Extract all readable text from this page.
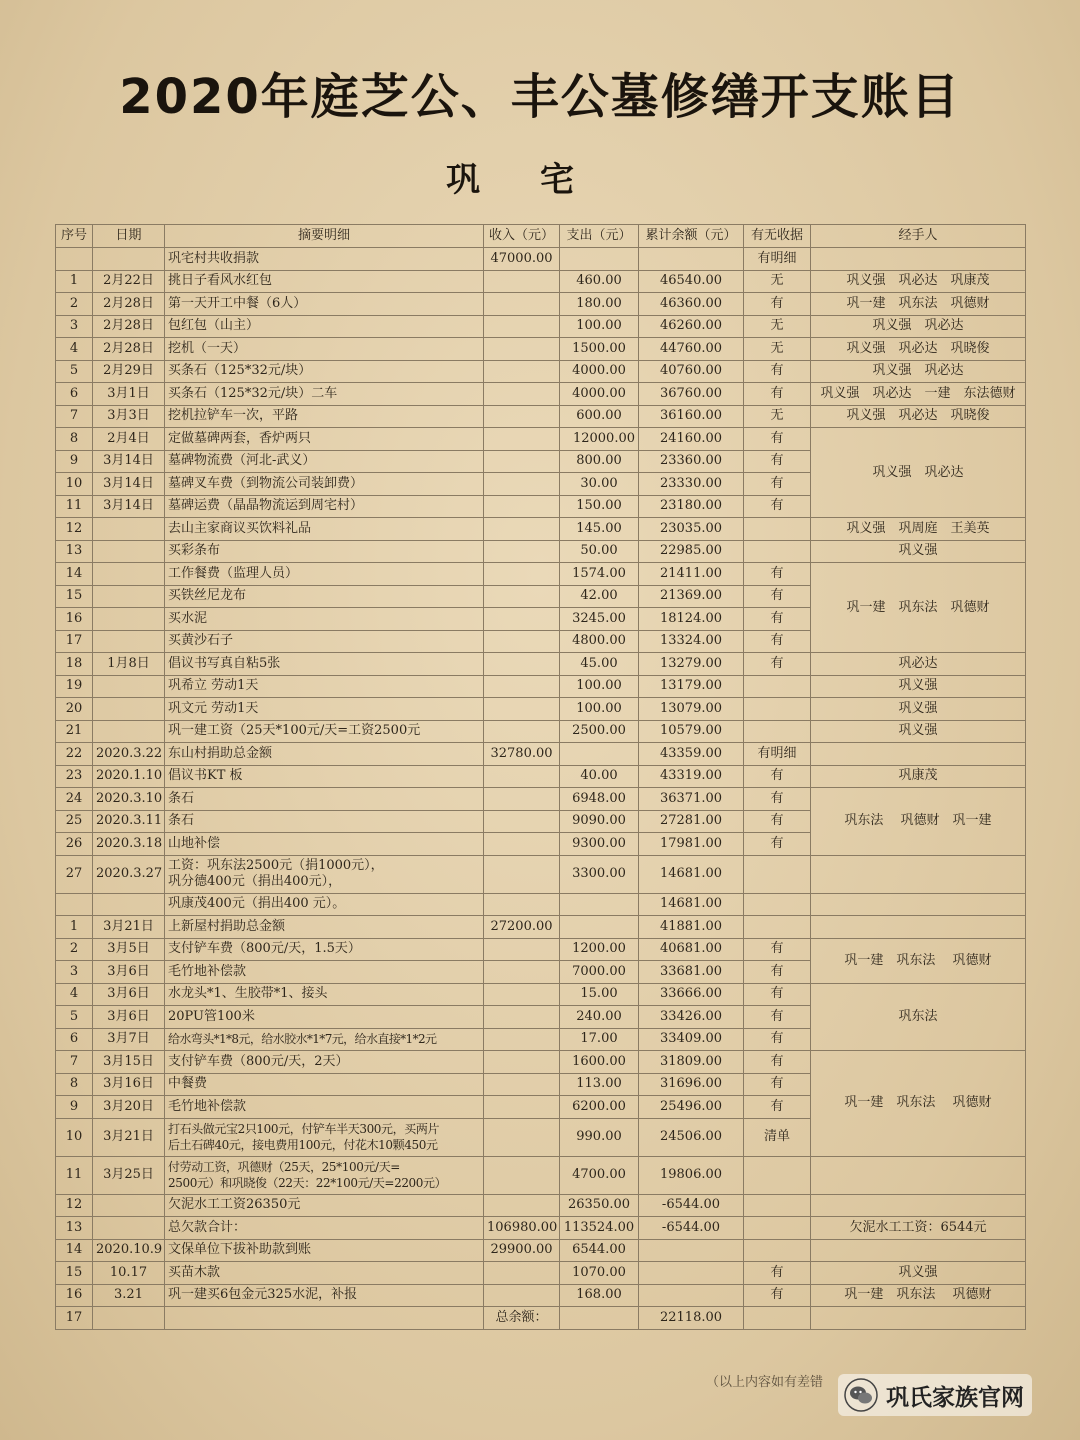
2020年庭芝公、丰公墓修缮开支账目
巩宅
序号	日期	摘要明细	收入（元）	支出（元）	累计余额（元）	有无收据	经手人
		巩宅村共收捐款	47000.00			有明细	
1	2月22日	挑日子看风水红包		460.00	46540.00	无	巩义强　巩必达　巩康茂
2	2月28日	第一天开工中餐（6人）		180.00	46360.00	有	巩一建　巩东法　巩德财
3	2月28日	包红包（山主）		100.00	46260.00	无	巩义强　巩必达
4	2月28日	挖机（一天）		1500.00	44760.00	无	巩义强　巩必达　巩晓俊
5	2月29日	买条石（125*32元/块）		4000.00	40760.00	有	巩义强　巩必达
6	3月1日	买条石（125*32元/块）二车		4000.00	36760.00	有	巩义强　巩必达　一建　东法德财
7	3月3日	挖机拉铲车一次，平路		600.00	36160.00	无	巩义强　巩必达　巩晓俊
8	2月4日	定做墓碑两套，香炉两只		12000.00	24160.00	有	巩义强　巩必达
9	3月14日	墓碑物流费（河北-武义）		800.00	23360.00	有	
10	3月14日	墓碑叉车费（到物流公司装卸费）		30.00	23330.00	有	
11	3月14日	墓碑运费（晶晶物流运到周宅村）		150.00	23180.00	有	
12		去山主家商议买饮料礼品		145.00	23035.00		巩义强　巩周庭　王美英
13		买彩条布		50.00	22985.00		巩义强
14		工作餐费（监理人员）		1574.00	21411.00	有	巩一建　巩东法　巩德财
15		买铁丝尼龙布		42.00	21369.00	有	
16		买水泥		3245.00	18124.00	有	
17		买黄沙石子		4800.00	13324.00	有	
18	1月8日	倡议书写真自粘5张		45.00	13279.00	有	巩必达
19		巩希立 劳动1天		100.00	13179.00		巩义强
20		巩文元 劳动1天		100.00	13079.00		巩义强
21		巩一建工资（25天*100元/天=工资2500元		2500.00	10579.00		巩义强
22	2020.3.22	东山村捐助总金额	32780.00		43359.00	有明细	
23	2020.1.10	倡议书KT 板		40.00	43319.00	有	巩康茂
24	2020.3.10	条石		6948.00	36371.00	有	巩东法　 巩德财　巩一建
25	2020.3.11	条石		9090.00	27281.00	有	
26	2020.3.18	山地补偿		9300.00	17981.00	有	
27	2020.3.27	工资：巩东法2500元（捐1000元），
巩分德400元（捐出400元），		3300.00	14681.00		
		巩康茂400元（捐出400 元）。			14681.00		
1	3月21日	上新屋村捐助总金额	27200.00		41881.00		
2	3月5日	支付铲车费（800元/天，1.5天）		1200.00	40681.00	有	巩一建　巩东法　 巩德财
3	3月6日	毛竹地补偿款		7000.00	33681.00	有	
4	3月6日	水龙头*1、生胶带*1、接头		15.00	33666.00	有	巩东法
5	3月6日	20PU管100米		240.00	33426.00	有	
6	3月7日	给水弯头*1*8元，给水胶水*1*7元，给水直接*1*2元		17.00	33409.00	有	
7	3月15日	支付铲车费（800元/天，2天）		1600.00	31809.00	有	巩一建　巩东法　 巩德财
8	3月16日	中餐费		113.00	31696.00	有	
9	3月20日	毛竹地补偿款		6200.00	25496.00	有	
10	3月21日	打石头做元宝2只100元，付铲车半天300元，买两片
后土石碑40元，接电费用100元，付花木10颗450元		990.00	24506.00	清单	
11	3月25日	付劳动工资，巩德财（25天，25*100元/天=
2500元）和巩晓俊（22天：22*100元/天=2200元）		4700.00	19806.00		
12		欠泥水工工资26350元		26350.00	-6544.00		
13		总欠款合计：	106980.00	113524.00	-6544.00		欠泥水工工资：6544元
14	2020.10.9	文保单位下拔补助款到账	29900.00	6544.00			
15	10.17	买苗木款		1070.00		有	巩义强
16	3.21	巩一建买6包金元325水泥，补报		168.00		有	巩一建　巩东法　 巩德财
17			总余额：		22118.00		
（以上内容如有差错
巩氏家族官网
